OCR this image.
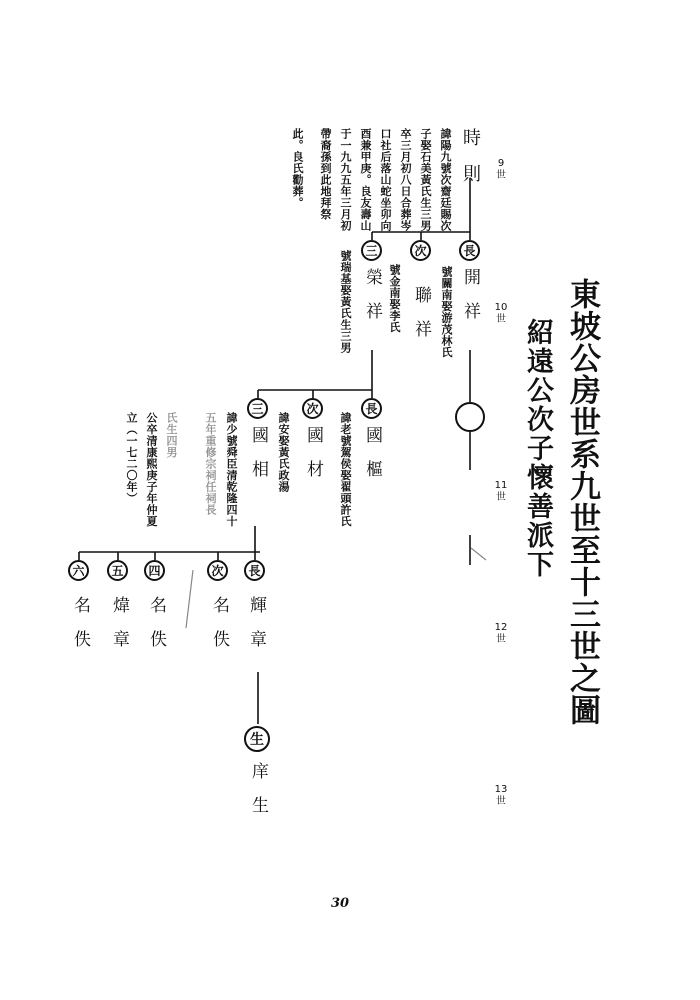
東坡公房世系九世至十三世之圖
紹遠公次子懷善派下
9
世
10
世
11
世
12
世
13
世
時　則
諱陽九號次齋廷賜次
子娶石美黃氏生三男
卒三月初八日合葬岑
口社后落山蛇坐卯向
酉兼甲庚。良友壽山
于一九九五年三月初
帶裔孫到此地拜祭
此。良氏勸葬。
長
開　祥
號關南娶游茂林氏
次
聯　祥
號金南娶李氏
三
榮　祥
號瑞基娶黃氏生三男
長
國　樞
諱老號駕侯娶翟頭許氏
次
國　材
諱安娶黃氏政湯
三
國　相
諱少號舜臣清乾隆四十
五年重修宗祠任祠長
氏生四男
公卒清康熙庚子年仲夏
立（一七二〇年）
長
輝　章
次
名　佚
四
名　佚
五
煒　章
六
名　佚
生
庠　生
30
